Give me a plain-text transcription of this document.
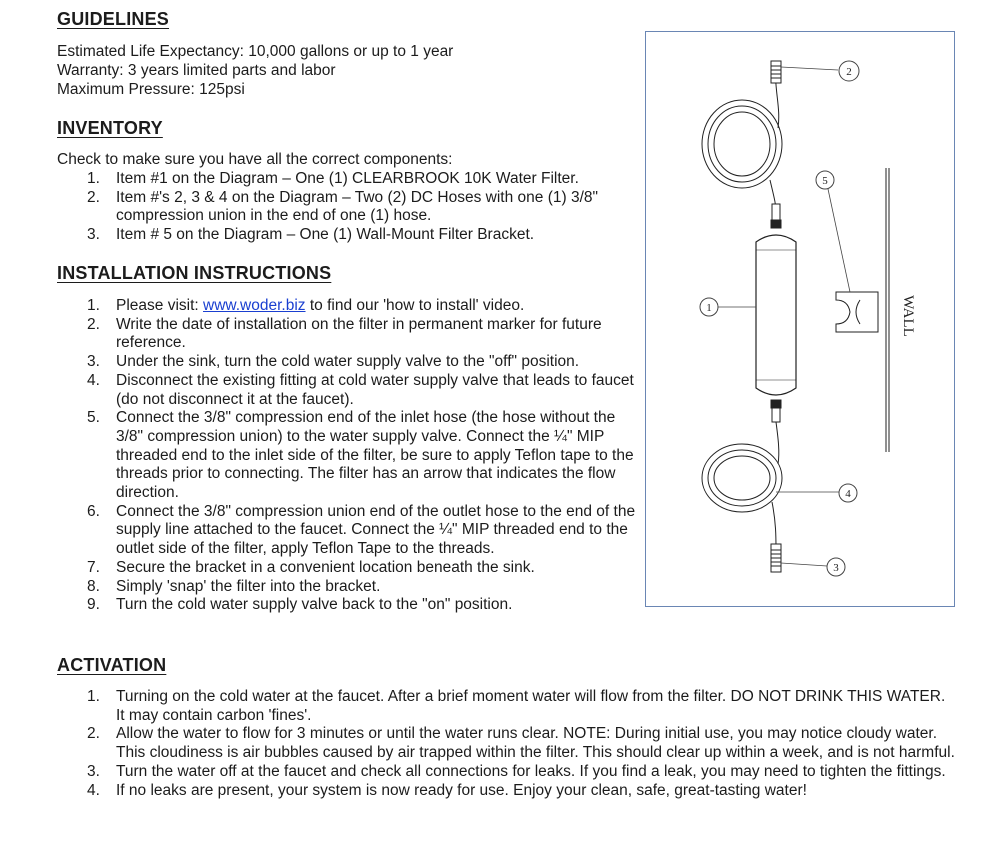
GUIDELINES
Estimated Life Expectancy: 10,000 gallons or up to 1 year
Warranty: 3 years limited parts and labor
Maximum Pressure: 125psi
INVENTORY
Check to make sure you have all the correct components:
1.	Item #1 on the Diagram – One (1) CLEARBROOK 10K Water Filter.
2.	Item #'s 2, 3 & 4 on the Diagram – Two (2) DC Hoses with one (1) 3/8" compression union in the end of one (1) hose.
3.	Item # 5 on the Diagram – One (1) Wall-Mount Filter Bracket.
INSTALLATION INSTRUCTIONS
1.	Please visit: www.woder.biz to find our 'how to install' video.
2.	Write the date of installation on the filter in permanent marker for future reference.
3.	Under the sink, turn the cold water supply valve to the "off" position.
4.	Disconnect the existing fitting at cold water supply valve that leads to faucet (do not disconnect it at the faucet).
5.	Connect the 3/8" compression end of the inlet hose (the hose without the 3/8" compression union) to the water supply valve. Connect the ¼" MIP threaded end to the inlet side of the filter, be sure to apply Teflon tape to the threads prior to connecting. The filter has an arrow that indicates the flow direction.
6.	Connect the 3/8" compression union end of the outlet hose to the end of the supply line attached to the faucet. Connect the ¼" MIP threaded end to the outlet side of the filter, apply Teflon Tape to the threads.
7.	Secure the bracket in a convenient location beneath the sink.
8.	Simply 'snap' the filter into the bracket.
9.	Turn the cold water supply valve back to the "on" position.
ACTIVATION
1.	Turning on the cold water at the faucet. After a brief moment water will flow from the filter. DO NOT DRINK THIS WATER. It may contain carbon 'fines'.
2.	Allow the water to flow for 3 minutes or until the water runs clear. NOTE: During initial use, you may notice cloudy water. This cloudiness is air bubbles caused by air trapped within the filter. This should clear up within a week, and is not harmful.
3.	Turn the water off at the faucet and check all connections for leaks. If you find a leak, you may need to tighten the fittings.
4.	If no leaks are present, your system is now ready for use. Enjoy your clean, safe, great-tasting water!
WALL
2
5
1
4
3
